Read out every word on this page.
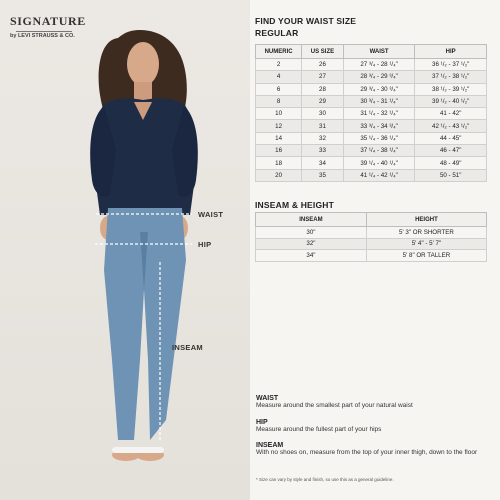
SIGNATURE
by LEVI STRAUSS & CO.
WAIST
HIP
INSEAM
FIND YOUR WAIST SIZE
REGULAR
NUMERIC	US SIZE	WAIST	HIP
2	26	27 ³/₄ - 28 ¹/₄"	36 ¹/₂ - 37 ¹/₂"
4	27	28 ³/₄ - 29 ³/₄"	37 ¹/₂ - 38 ¹/₂"
6	28	29 ³/₄ - 30 ³/₄"	38 ¹/₂ - 39 ¹/₂"
8	29	30 ³/₄ - 31 ¹/₄"	39 ¹/₂ - 40 ¹/₂"
10	30	31 ¹/₄ - 32 ¹/₄"	41 - 42"
12	31	33 ³/₄ - 34 ³/₄"	42 ¹/₂ - 43 ¹/₂"
14	32	35 ¹/₄ - 36 ¹/₄"	44 - 45"
16	33	37 ¹/₄ - 38 ¹/₄"	46 - 47"
18	34	39 ¹/₄ - 40 ¹/₄"	48 - 49"
20	35	41 ¹/₄ - 42 ¹/₄"	50 - 51"
INSEAM & HEIGHT
INSEAM	HEIGHT
30"	5' 3" OR SHORTER
32"	5' 4" - 5' 7"
34"	5' 8" OR TALLER
WAIST
Measure around the smallest part of your natural waist
HIP
Measure around the fullest part of your hips
INSEAM
With no shoes on, measure from the top of your inner thigh, down to the floor
* Size can vary by style and finish, so use this as a general guideline.
